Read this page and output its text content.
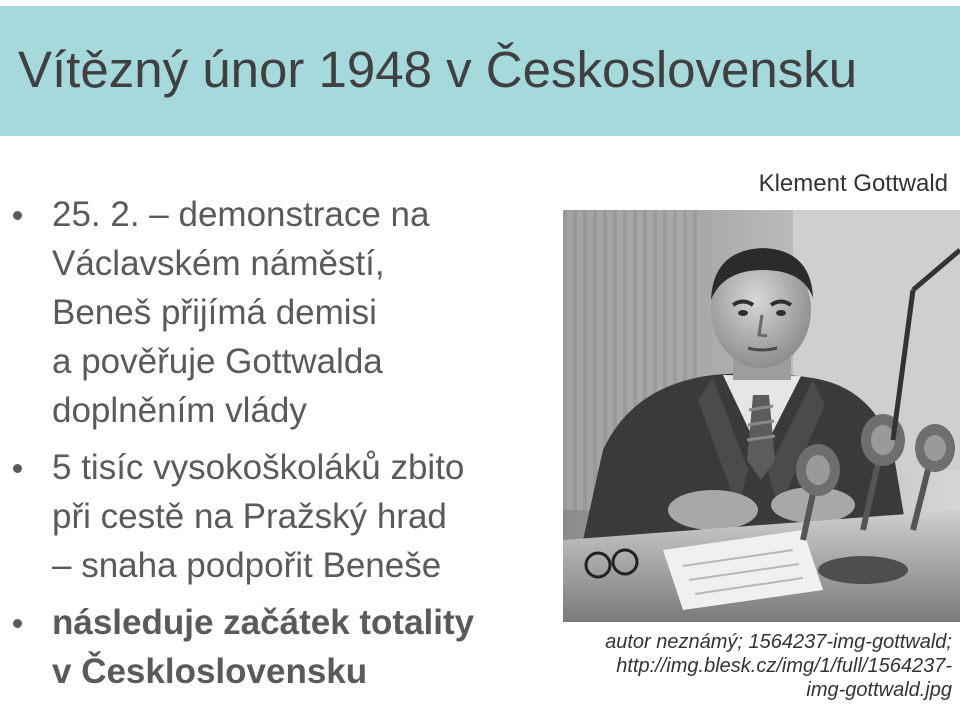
Vítězný únor 1948 v Československu
25. 2. – demonstrace na
Václavském náměstí,
Beneš přijímá demisi
a pověřuje Gottwalda
doplněním vlády
5 tisíc vysokoškoláků zbito
při cestě na Pražský hrad
– snaha podpořit Beneše
následuje začátek totality
v Českloslovensku
Klement Gottwald
autor neznámý; 1564237-img-gottwald;
http://img.blesk.cz/img/1/full/1564237-
img-gottwald.jpg
